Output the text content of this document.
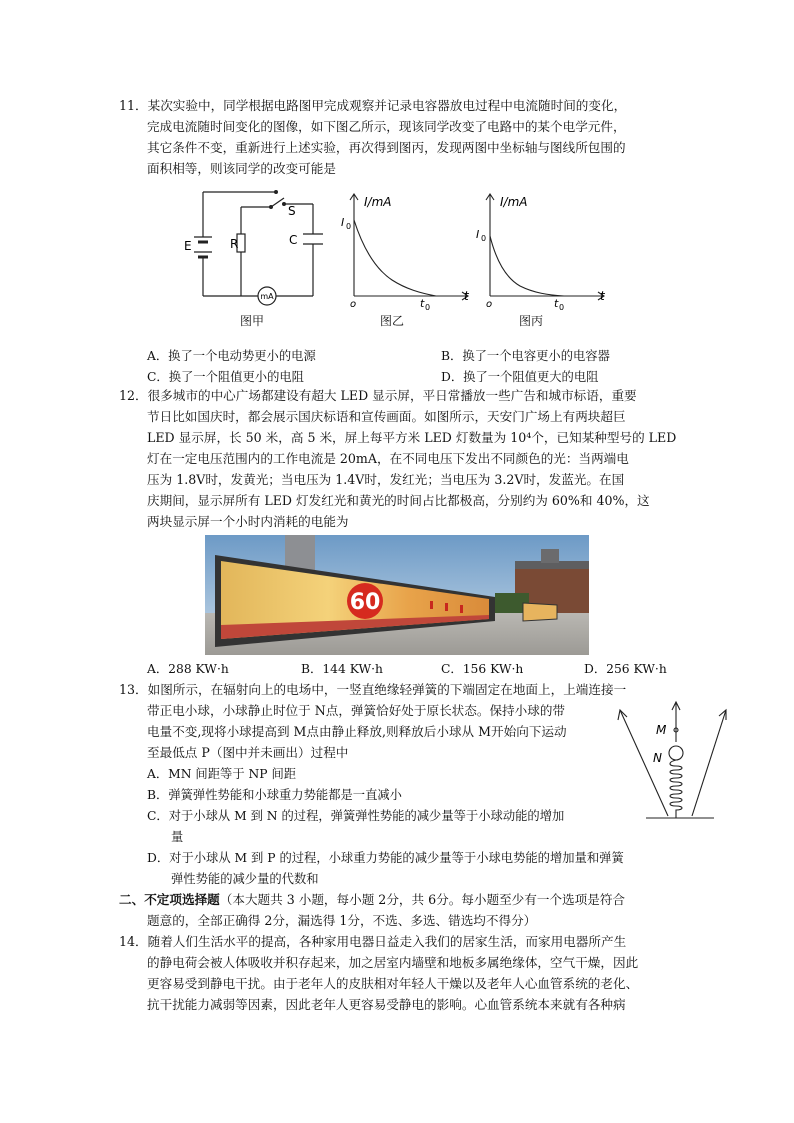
11．某次实验中，同学根据电路图甲完成观察并记录电容器放电过程中电流随时间的变化，
完成电流随时间变化的图像，如下图乙所示，现该同学改变了电路中的某个电学元件，
其它条件不变，重新进行上述实验，再次得到图丙，发现两图中坐标轴与图线所包围的
面积相等，则该同学的改变可能是
E	R
S
C
mA
图甲
I/mA
I 0
o	t 0
t
图乙
I/mA
I 0
o	t 0
t
图丙
A．换了一个电动势更小的电源	B．换了一个电容更小的电容器
C．换了一个阻值更小的电阻	D．换了一个阻值更大的电阻
12．很多城市的中心广场都建设有超大 LED 显示屏，平日常播放一些广告和城市标语，重要
节日比如国庆时，都会展示国庆标语和宣传画面。如图所示，天安门广场上有两块超巨
LED 显示屏，长 50 米，高 5 米，屏上每平方米 LED 灯数量为 10⁴个，已知某种型号的 LED
灯在一定电压范围内的工作电流是 20mA，在不同电压下发出不同颜色的光：当两端电
压为 1.8V时，发黄光；当电压为 1.4V时，发红光；当电压为 3.2V时，发蓝光。在国
庆期间，显示屏所有 LED 灯发红光和黄光的时间占比都极高，分别约为 60%和 40%，这
两块显示屏一个小时内消耗的电能为
60
A．288 KW·h	B．144 KW·h	C．156 KW·h	D．256 KW·h
13．如图所示，在辐射向上的电场中，一竖直绝缘轻弹簧的下端固定在地面上，上端连接一
带正电小球，小球静止时位于 N点，弹簧恰好处于原长状态。保持小球的带
电量不变,现将小球提高到 M点由静止释放,则释放后小球从 M开始向下运动
至最低点 P（图中并未画出）过程中
M
N
A．MN 间距等于 NP 间距
B．弹簧弹性势能和小球重力势能都是一直减小
C．对于小球从 M 到 N 的过程，弹簧弹性势能的减少量等于小球动能的增加
量
D．对于小球从 M 到 P 的过程，小球重力势能的减少量等于小球电势能的增加量和弹簧
弹性势能的减少量的代数和
二、不定项选择题（本大题共 3 小题，每小题 2分，共 6分。每小题至少有一个选项是符合
题意的，全部正确得 2分，漏选得 1分，不选、多选、错选均不得分）
14．随着人们生活水平的提高，各种家用电器日益走入我们的居家生活，而家用电器所产生
的静电荷会被人体吸收并积存起来，加之居室内墙壁和地板多属绝缘体，空气干燥，因此
更容易受到静电干扰。由于老年人的皮肤相对年轻人干燥以及老年人心血管系统的老化、
抗干扰能力减弱等因素，因此老年人更容易受静电的影响。心血管系统本来就有各种病
